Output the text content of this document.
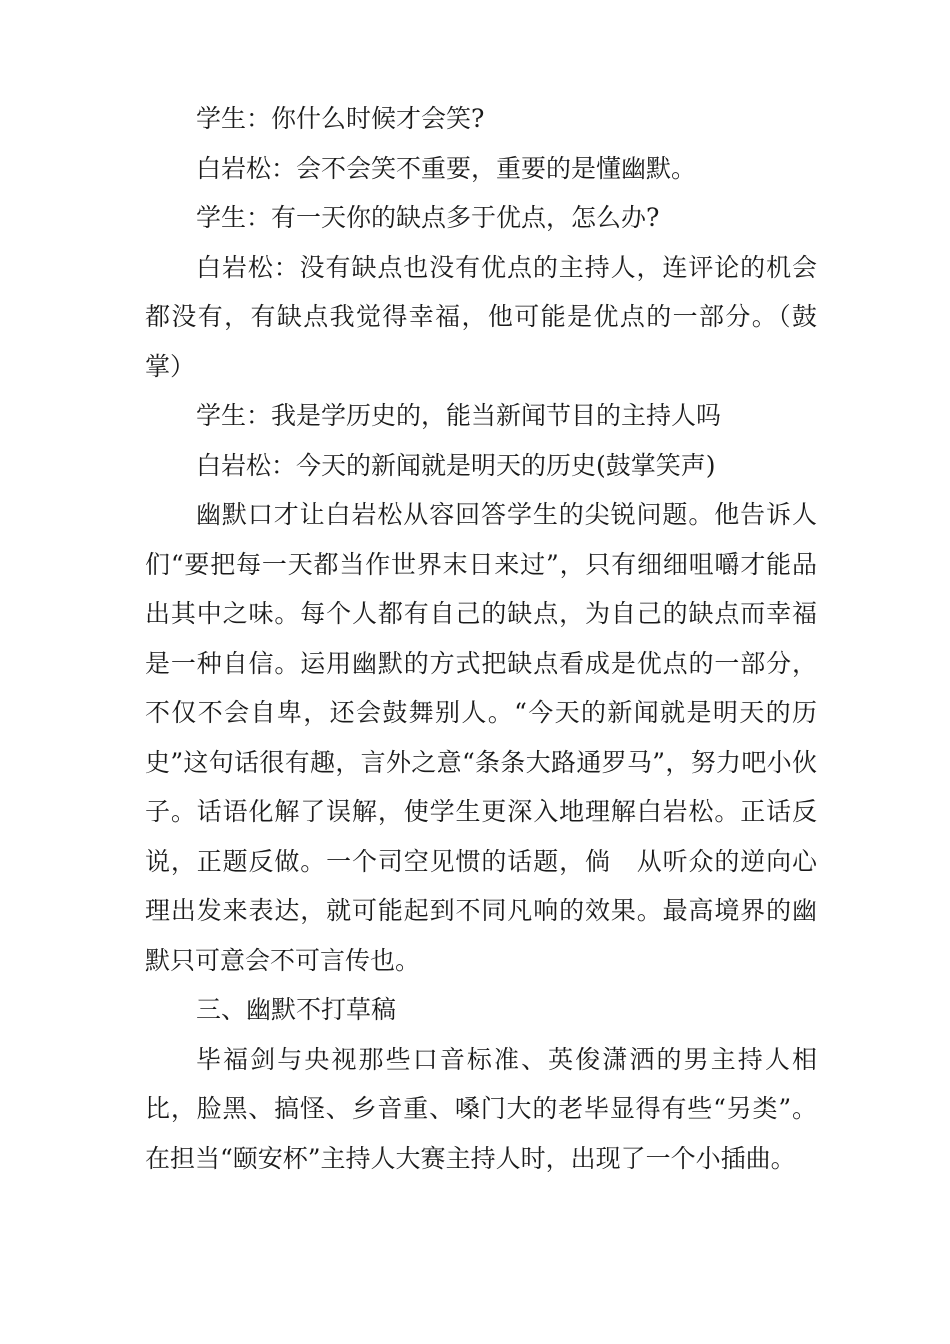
学生：你什么时候才会笑?

白岩松：会不会笑不重要，重要的是懂幽默。

学生：有一天你的缺点多于优点，怎么办?

白岩松：没有缺点也没有优点的主持人，连评论的机会都没有，有缺点我觉得幸福，他可能是优点的一部分。（鼓掌）

学生：我是学历史的，能当新闻节目的主持人吗

白岩松：今天的新闻就是明天的历史(鼓掌笑声)

幽默口才让白岩松从容回答学生的尖锐问题。他告诉人们“要把每一天都当作世界末日来过”，只有细细咀嚼才能品出其中之味。每个人都有自己的缺点，为自己的缺点而幸福是一种自信。运用幽默的方式把缺点看成是优点的一部分，不仅不会自卑，还会鼓舞别人。“今天的新闻就是明天的历史”这句话很有趣，言外之意“条条大路通罗马”，努力吧小伙子。话语化解了误解，使学生更深入地理解白岩松。正话反说，正题反做。一个司空见惯的话题，倘　从听众的逆向心理出发来表达，就可能起到不同凡响的效果。最高境界的幽默只可意会不可言传也。

三、幽默不打草稿

毕福剑与央视那些口音标准、英俊潇洒的男主持人相比，脸黑、搞怪、乡音重、嗓门大的老毕显得有些“另类”。在担当“颐安杯”主持人大赛主持人时，出现了一个小插曲。
